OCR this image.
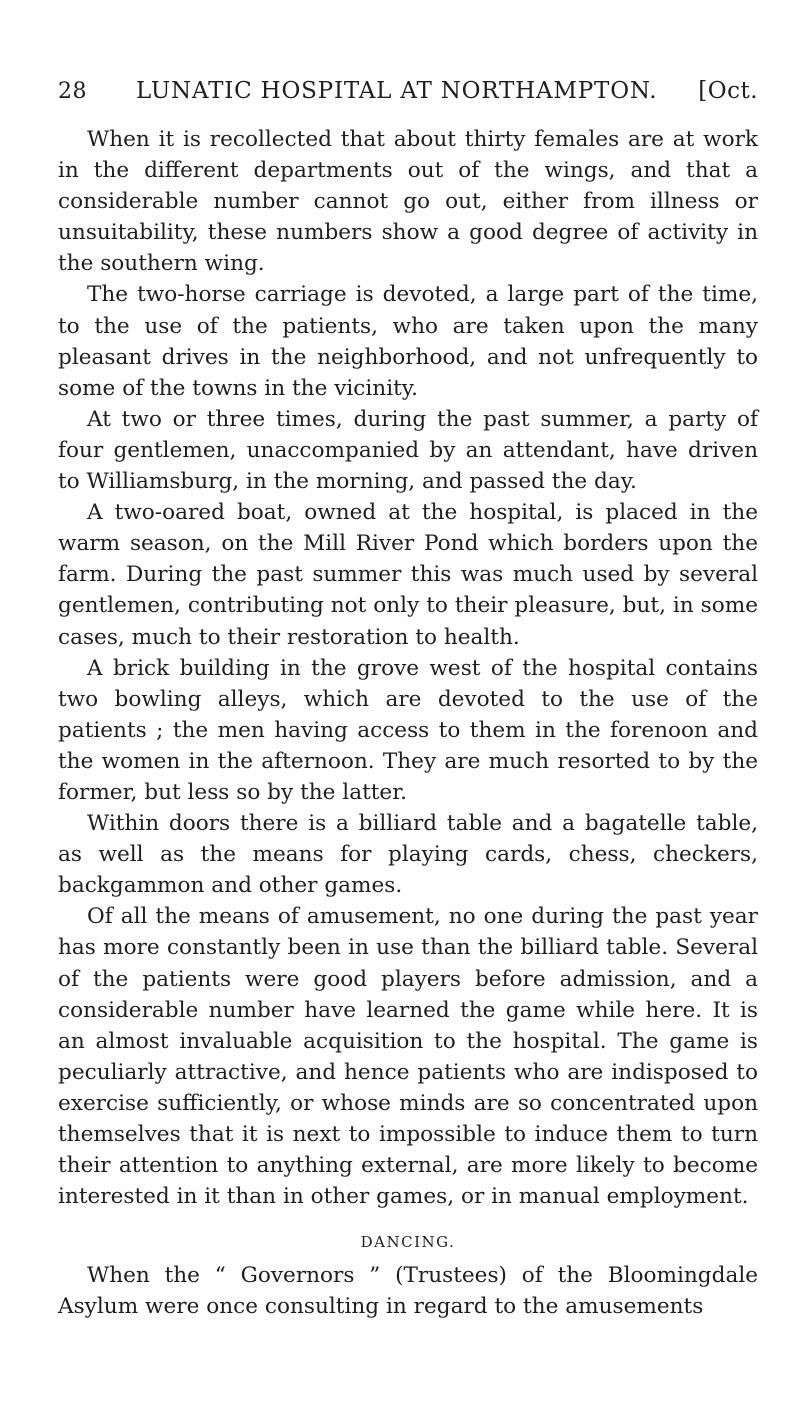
28	LUNATIC HOSPITAL AT NORTHAMPTON.	[Oct.

When it is recollected that about thirty females are at work in the different departments out of the wings, and that a considerable number cannot go out, either from illness or unsuitability, these numbers show a good degree of activity in the southern wing.

The two-horse carriage is devoted, a large part of the time, to the use of the patients, who are taken upon the many pleasant drives in the neighborhood, and not unfrequently to some of the towns in the vicinity.

At two or three times, during the past summer, a party of four gentlemen, unaccompanied by an attendant, have driven to Williamsburg, in the morning, and passed the day.

A two-oared boat, owned at the hospital, is placed in the warm season, on the Mill River Pond which borders upon the farm. During the past summer this was much used by several gentlemen, contributing not only to their pleasure, but, in some cases, much to their restoration to health.

A brick building in the grove west of the hospital contains two bowling alleys, which are devoted to the use of the patients ; the men having access to them in the forenoon and the women in the afternoon. They are much resorted to by the former, but less so by the latter.

Within doors there is a billiard table and a bagatelle table, as well as the means for playing cards, chess, checkers, backgammon and other games.

Of all the means of amusement, no one during the past year has more constantly been in use than the billiard table. Several of the patients were good players before admission, and a considerable number have learned the game while here. It is an almost invaluable acquisition to the hospital. The game is peculiarly attractive, and hence patients who are indisposed to exercise sufficiently, or whose minds are so concentrated upon themselves that it is next to impossible to induce them to turn their attention to anything external, are more likely to become interested in it than in other games, or in manual employment.

DANCING.

When the “ Governors ” (Trustees) of the Bloomingdale Asylum were once consulting in regard to the amusements
